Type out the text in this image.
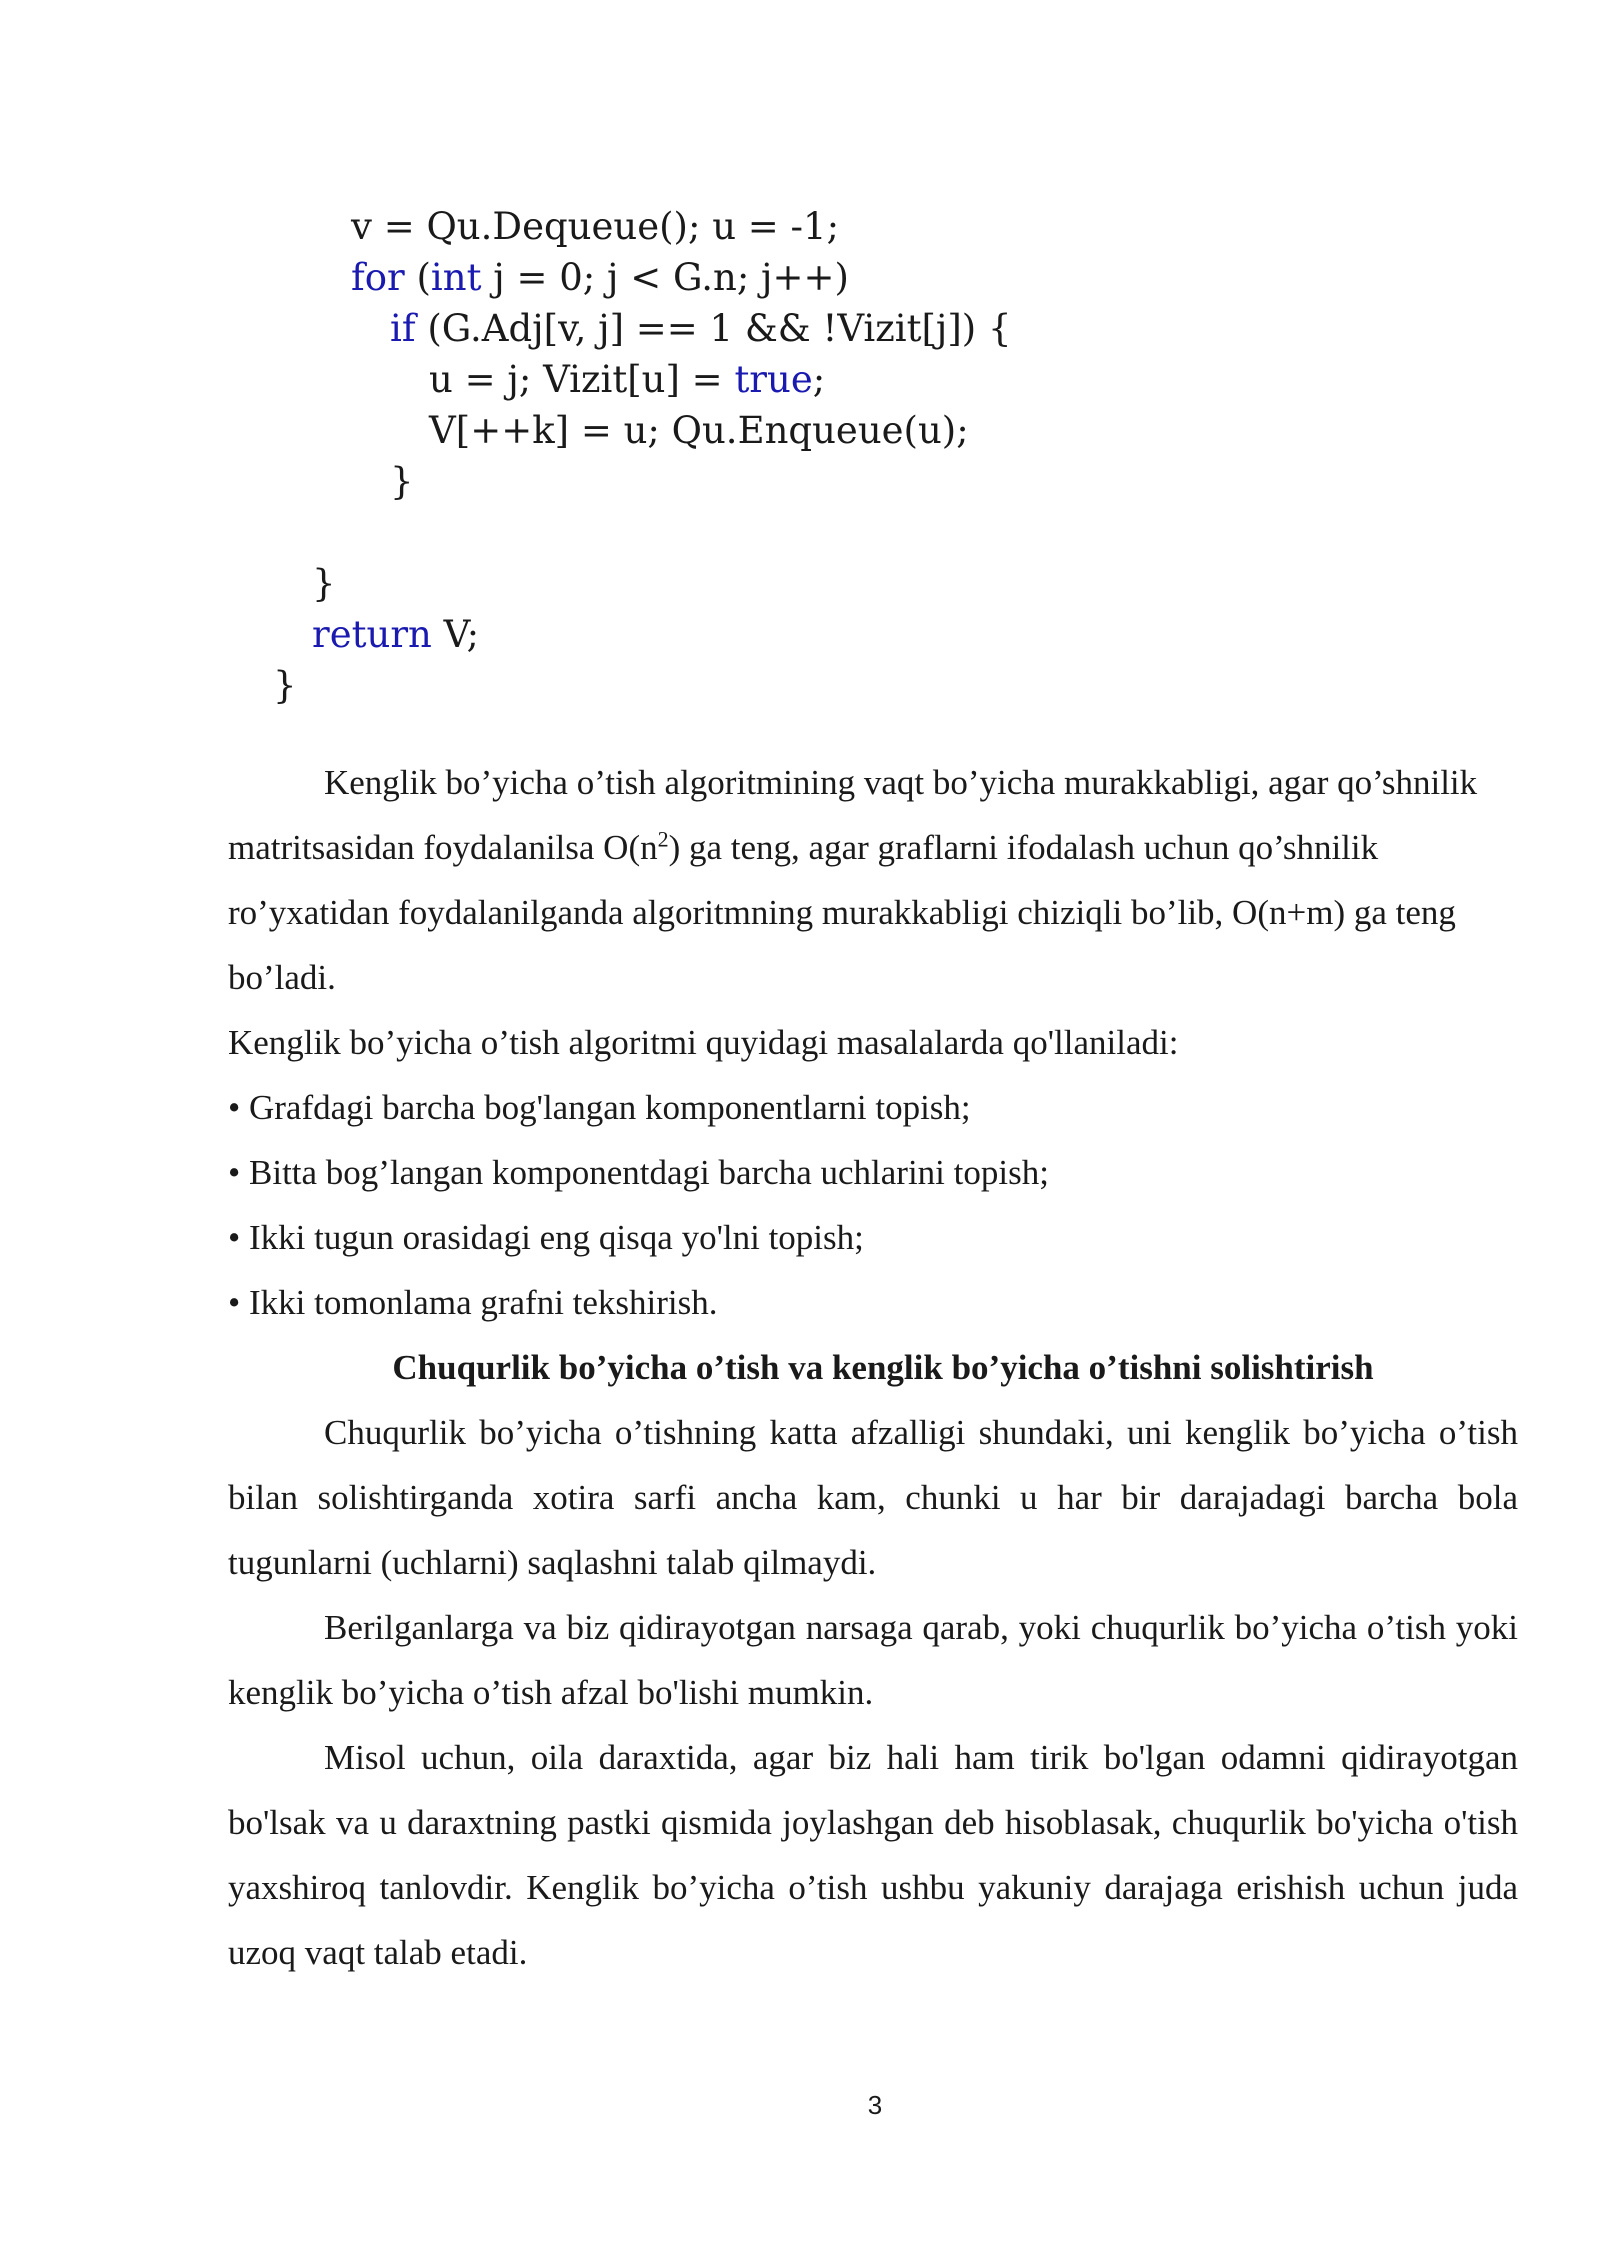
v = Qu.Dequeue(); u = -1;

for (int j = 0; j < G.n; j++)

if (G.Adj[v, j] == 1 && !Vizit[j]) {

u = j; Vizit[u] = true;

V[++k] = u; Qu.Enqueue(u);

}

}

return V;

}

Kenglik bo’yicha o’tish algoritmining vaqt bo’yicha murakkabligi, agar qo’shnilik matritsasidan foydalanilsa $O(n^2)$ ga teng, agar graflarni ifodalash uchun qo’shnilik ro’yxatidan foydalanilganda algoritmning murakkabligi chiziqli bo’lib, O(n+m) ga teng bo’ladi.

Kenglik bo’yicha o’tish algoritmi quyidagi masalalarda qo'llaniladi:

• Grafdagi barcha bog'langan komponentlarni topish;

• Bitta bog’langan komponentdagi barcha uchlarini topish;

• Ikki tugun orasidagi eng qisqa yo'lni topish;

• Ikki tomonlama grafni tekshirish.

Chuqurlik bo’yicha o’tish va kenglik bo’yicha o’tishni solishtirish

Chuqurlik bo’yicha o’tishning katta afzalligi shundaki, uni kenglik bo’yicha o’tish bilan solishtirganda xotira sarfi ancha kam, chunki u har bir darajadagi barcha bola tugunlarni (uchlarni) saqlashni talab qilmaydi.

Berilganlarga va biz qidirayotgan narsaga qarab, yoki chuqurlik bo’yicha o’tish yoki kenglik bo’yicha o’tish afzal bo'lishi mumkin.

Misol uchun, oila daraxtida, agar biz hali ham tirik bo'lgan odamni qidirayotgan bo'lsak va u daraxtning pastki qismida joylashgan deb hisoblasak, chuqurlik bo'yicha o'tish yaxshiroq tanlovdir. Kenglik bo’yicha o’tish ushbu yakuniy darajaga erishish uchun juda uzoq vaqt talab etadi.

3
